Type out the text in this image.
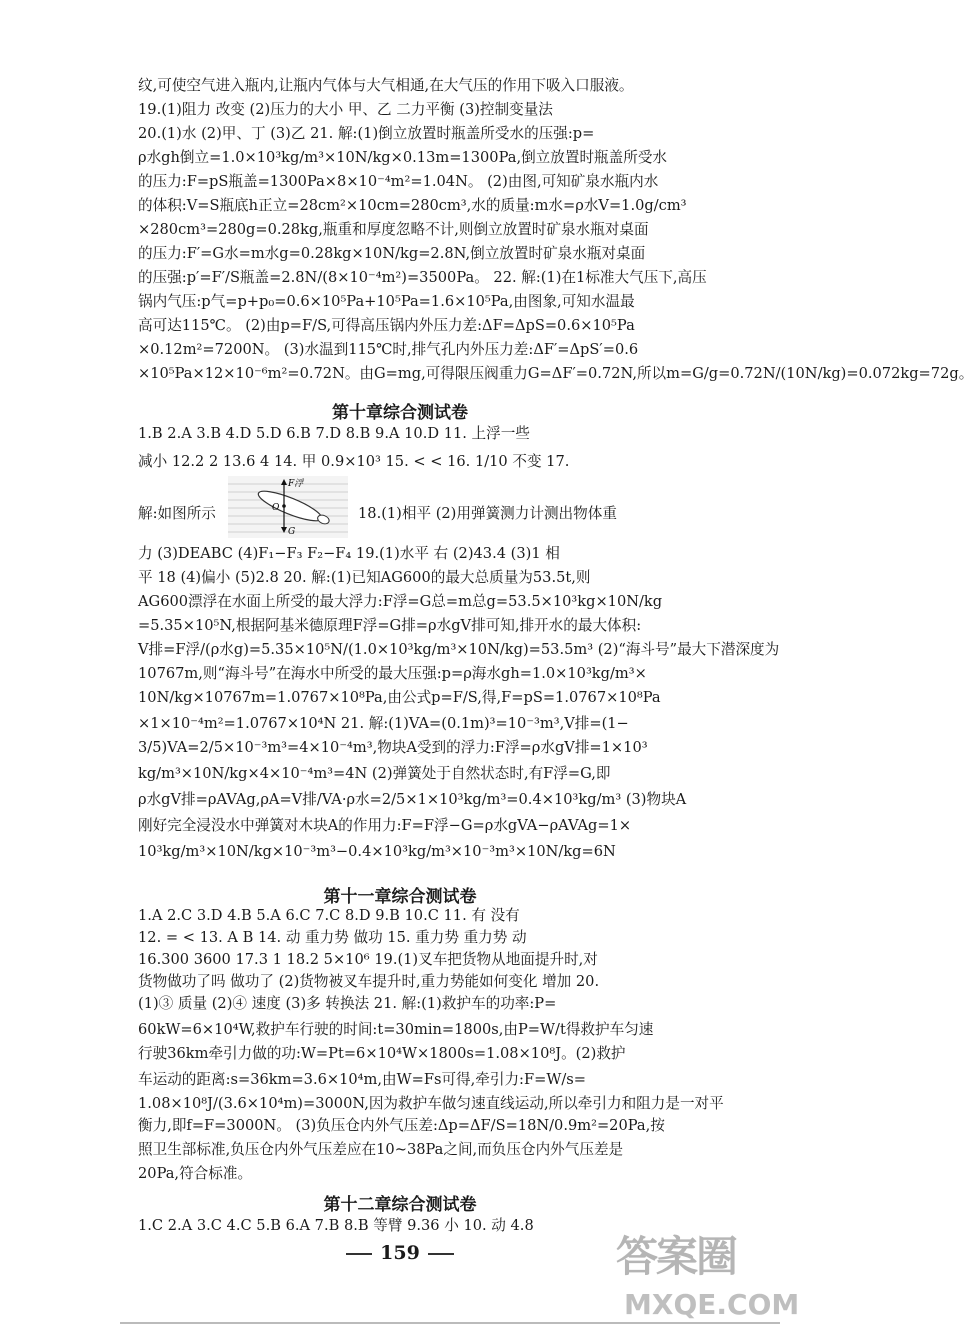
纹,可使空气进入瓶内,让瓶内气体与大气相通,在大气压的作用下吸入口服液。
19.(1)阻力 改变 (2)压力的大小 甲、乙 二力平衡 (3)控制变量法
20.(1)水 (2)甲、丁 (3)乙 21. 解:(1)倒立放置时瓶盖所受水的压强:p=
ρ水gh倒立=1.0×10³kg/m³×10N/kg×0.13m=1300Pa,倒立放置时瓶盖所受水
的压力:F=pS瓶盖=1300Pa×8×10⁻⁴m²=1.04N。 (2)由图,可知矿泉水瓶内水
的体积:V=S瓶底h正立=28cm²×10cm=280cm³,水的质量:m水=ρ水V=1.0g/cm³
×280cm³=280g=0.28kg,瓶重和厚度忽略不计,则倒立放置时矿泉水瓶对桌面
的压力:F′=G水=m水g=0.28kg×10N/kg=2.8N,倒立放置时矿泉水瓶对桌面
的压强:p′=F′/S瓶盖=2.8N/(8×10⁻⁴m²)=3500Pa。 22. 解:(1)在1标准大气压下,高压
锅内气压:p气=p+p₀=0.6×10⁵Pa+10⁵Pa=1.6×10⁵Pa,由图象,可知水温最
高可达115℃。 (2)由p=F/S,可得高压锅内外压力差:ΔF=ΔpS=0.6×10⁵Pa
×0.12m²=7200N。 (3)水温到115℃时,排气孔内外压力差:ΔF′=ΔpS′=0.6
×10⁵Pa×12×10⁻⁶m²=0.72N。由G=mg,可得限压阀重力G=ΔF′=0.72N,所以m=G/g=0.72N/(10N/kg)=0.072kg=72g。
第十章综合测试卷
1.B 2.A 3.B 4.D 5.D 6.B 7.D 8.B 9.A 10.D 11. 上浮一些
减小 12.2 2 13.6 4 14. 甲 0.9×10³ 15. < < 16. 1/10 不变 17.
解:如图所示
F浮
O
G
18.(1)相平 (2)用弹簧测力计测出物体重
力 (3)DEABC (4)F₁−F₃ F₂−F₄ 19.(1)水平 右 (2)43.4 (3)1 相
平 18 (4)偏小 (5)2.8 20. 解:(1)已知AG600的最大总质量为53.5t,则
AG600漂浮在水面上所受的最大浮力:F浮=G总=m总g=53.5×10³kg×10N/kg
=5.35×10⁵N,根据阿基米德原理F浮=G排=ρ水gV排可知,排开水的最大体积:
V排=F浮/(ρ水g)=5.35×10⁵N/(1.0×10³kg/m³×10N/kg)=53.5m³ (2)“海斗号”最大下潜深度为
10767m,则“海斗号”在海水中所受的最大压强:p=ρ海水gh=1.0×10³kg/m³×
10N/kg×10767m=1.0767×10⁸Pa,由公式p=F/S,得,F=pS=1.0767×10⁸Pa
×1×10⁻⁴m²=1.0767×10⁴N 21. 解:(1)VA=(0.1m)³=10⁻³m³,V排=(1−
3/5)VA=2/5×10⁻³m³=4×10⁻⁴m³,物块A受到的浮力:F浮=ρ水gV排=1×10³
kg/m³×10N/kg×4×10⁻⁴m³=4N (2)弹簧处于自然状态时,有F浮=G,即
ρ水gV排=ρAVAg,ρA=V排/VA·ρ水=2/5×1×10³kg/m³=0.4×10³kg/m³ (3)物块A
刚好完全浸没水中弹簧对木块A的作用力:F=F浮−G=ρ水gVA−ρAVAg=1×
10³kg/m³×10N/kg×10⁻³m³−0.4×10³kg/m³×10⁻³m³×10N/kg=6N
第十一章综合测试卷
1.A 2.C 3.D 4.B 5.A 6.C 7.C 8.D 9.B 10.C 11. 有 没有
12. = < 13. A B 14. 动 重力势 做功 15. 重力势 重力势 动
16.300 3600 17.3 1 18.2 5×10⁶ 19.(1)叉车把货物从地面提升时,对
货物做功了吗 做功了 (2)货物被叉车提升时,重力势能如何变化 增加 20.
(1)③ 质量 (2)④ 速度 (3)多 转换法 21. 解:(1)救护车的功率:P=
60kW=6×10⁴W,救护车行驶的时间:t=30min=1800s,由P=W/t得救护车匀速
行驶36km牵引力做的功:W=Pt=6×10⁴W×1800s=1.08×10⁸J。(2)救护
车运动的距离:s=36km=3.6×10⁴m,由W=Fs可得,牵引力:F=W/s=
1.08×10⁸J/(3.6×10⁴m)=3000N,因为救护车做匀速直线运动,所以牵引力和阻力是一对平
衡力,即f=F=3000N。 (3)负压仓内外气压差:Δp=ΔF/S=18N/0.9m²=20Pa,按
照卫生部标准,负压仓内外气压差应在10~38Pa之间,而负压仓内外气压差是
20Pa,符合标准。
第十二章综合测试卷
1.C 2.A 3.C 4.C 5.B 6.A 7.B 8.B 等臂 9.36 小 10. 动 4.8
159	答案圈
MXQE.COM
